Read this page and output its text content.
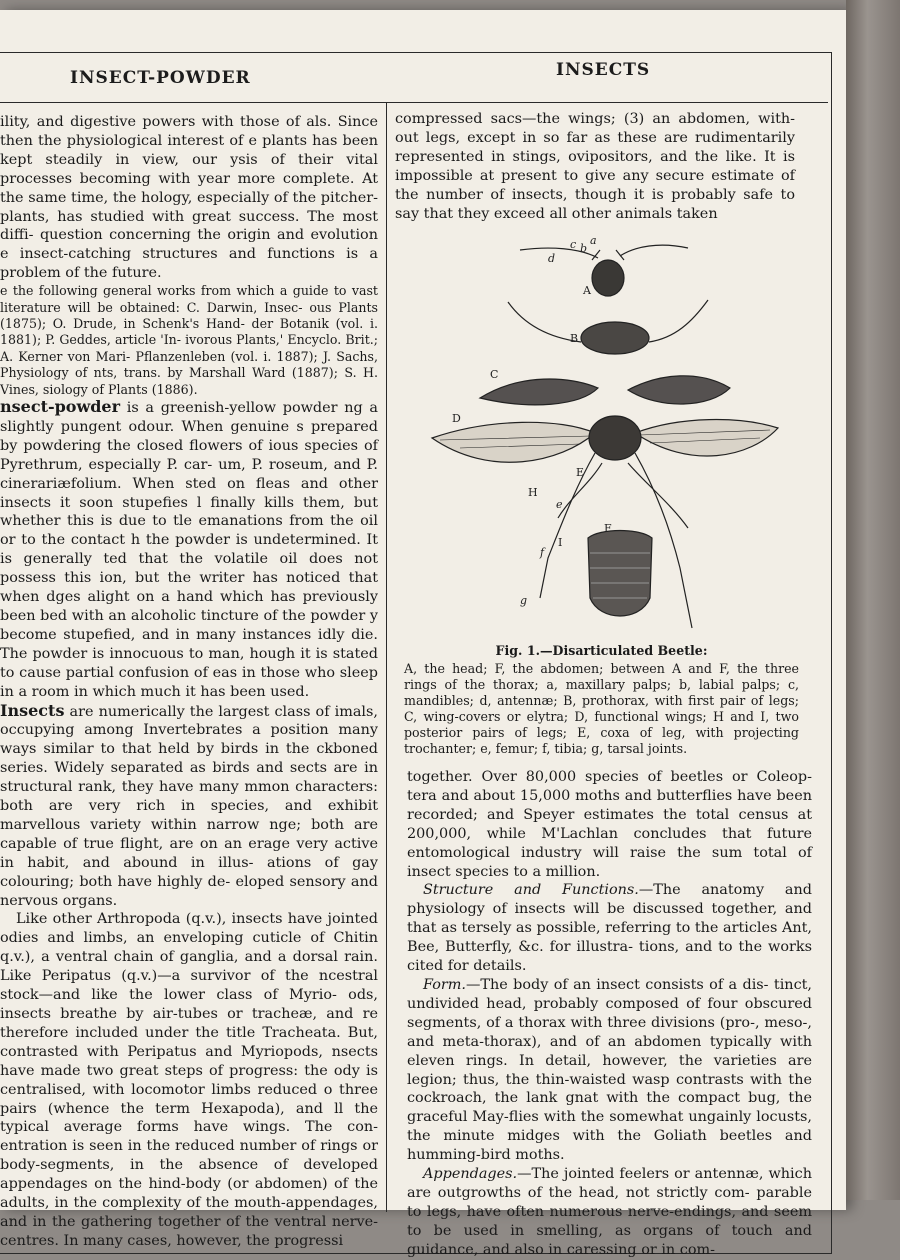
INSECT-POWDER	INSECTS

ility, and digestive powers with those of als. Since then the physiological interest of e plants has been kept steadily in view, our ysis of their vital processes becoming with year more complete. At the same time, the hology, especially of the pitcher-plants, has studied with great success. The most diffi- question concerning the origin and evolution e insect-catching structures and functions is a problem of the future.

e the following general works from which a guide to vast literature will be obtained: C. Darwin, Insec- ous Plants (1875); O. Drude, in Schenk's Hand- der Botanik (vol. i. 1881); P. Geddes, article 'In- ivorous Plants,' Encyclo. Brit.; A. Kerner von Mari- Pflanzenleben (vol. i. 1887); J. Sachs, Physiology of nts, trans. by Marshall Ward (1887); S. H. Vines, siology of Plants (1886).

nsect-powder is a greenish-yellow powder ng a slightly pungent odour. When genuine s prepared by powdering the closed flowers of ious species of Pyrethrum, especially P. car- um, P. roseum, and P. cinerariæfolium. When sted on fleas and other insects it soon stupefies l finally kills them, but whether this is due to tle emanations from the oil or to the contact h the powder is undetermined. It is generally ted that the volatile oil does not possess this ion, but the writer has noticed that when dges alight on a hand which has previously been bed with an alcoholic tincture of the powder y become stupefied, and in many instances idly die. The powder is innocuous to man, hough it is stated to cause partial confusion of eas in those who sleep in a room in which much it has been used.

Insects are numerically the largest class of imals, occupying among Invertebrates a position many ways similar to that held by birds in the ckboned series. Widely separated as birds and sects are in structural rank, they have many mmon characters: both are very rich in species, and exhibit marvellous variety within narrow nge; both are capable of true flight, are on an erage very active in habit, and abound in illus- ations of gay colouring; both have highly de- eloped sensory and nervous organs.

Like other Arthropoda (q.v.), insects have jointed odies and limbs, an enveloping cuticle of Chitin q.v.), a ventral chain of ganglia, and a dorsal rain. Like Peripatus (q.v.)—a survivor of the ncestral stock—and like the lower class of Myrio- ods, insects breathe by air-tubes or tracheæ, and re therefore included under the title Tracheata. But, contrasted with Peripatus and Myriopods, nsects have made two great steps of progress: the ody is centralised, with locomotor limbs reduced o three pairs (whence the term Hexapoda), and ll the typical average forms have wings. The con- entration is seen in the reduced number of rings or body-segments, in the absence of developed appendages on the hind-body (or abdomen) of the adults, in the complexity of the mouth-appendages, and in the gathering together of the ventral nerve- centres. In many cases, however, the progressi

compressed sacs—the wings; (3) an abdomen, with- out legs, except in so far as these are rudimentarily represented in stings, ovipositors, and the like. It is impossible at present to give any secure estimate of the number of insects, though it is probably safe to say that they exceed all other animals taken

A
B
C
D
E
F
H
I
a
b
c
d
e
f
g
Fig. 1.—Disarticulated Beetle:
A, the head; F, the abdomen; between A and F, the three rings of the thorax; a, maxillary palps; b, labial palps; c, mandibles; d, antennæ; B, prothorax, with first pair of legs; C, wing-covers or elytra; D, functional wings; H and I, two posterior pairs of legs; E, coxa of leg, with projecting trochanter; e, femur; f, tibia; g, tarsal joints.

together. Over 80,000 species of beetles or Coleop- tera and about 15,000 moths and butterflies have been recorded; and Speyer estimates the total census at 200,000, while M'Lachlan concludes that future entomological industry will raise the sum total of insect species to a million.

Structure and Functions.—The anatomy and physiology of insects will be discussed together, and that as tersely as possible, referring to the articles Ant, Bee, Butterfly, &c. for illustra- tions, and to the works cited for details.

Form.—The body of an insect consists of a dis- tinct, undivided head, probably composed of four obscured segments, of a thorax with three divisions (pro-, meso-, and meta-thorax), and of an abdomen typically with eleven rings. In detail, however, the varieties are legion; thus, the thin-waisted wasp contrasts with the cockroach, the lank gnat with the compact bug, the graceful May-flies with the somewhat ungainly locusts, the minute midges with the Goliath beetles and humming-bird moths.

Appendages.—The jointed feelers or antennæ, which are outgrowths of the head, not strictly com- parable to legs, have often numerous nerve-endings, and seem to be used in smelling, as organs of touch and guidance, and also in caressing or in com-
